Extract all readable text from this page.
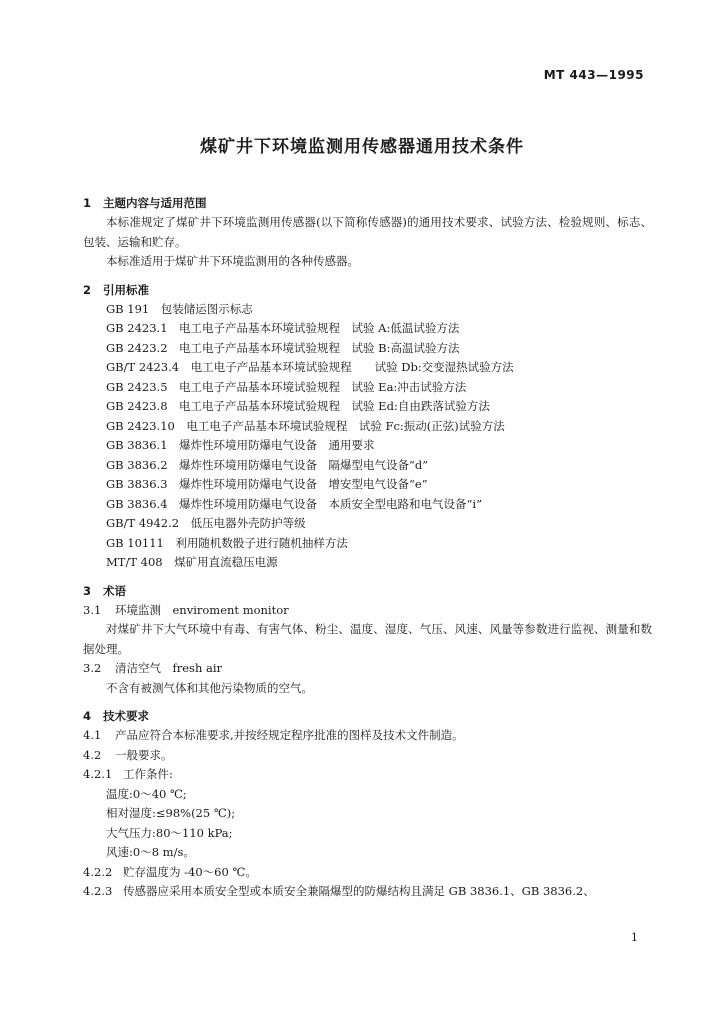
MT 443—1995
煤矿井下环境监测用传感器通用技术条件
1 主题内容与适用范围

本标准规定了煤矿井下环境监测用传感器(以下简称传感器)的通用技术要求、试验方法、检验规则、标志、包装、运输和贮存。

本标准适用于煤矿井下环境监测用的各种传感器。

2 引用标准
GB 191　包装储运图示标志
GB 2423.1　电工电子产品基本环境试验规程　试验 A:低温试验方法
GB 2423.2　电工电子产品基本环境试验规程　试验 B:高温试验方法
GB/T 2423.4　电工电子产品基本环境试验规程　　试验 Db:交变湿热试验方法
GB 2423.5　电工电子产品基本环境试验规程　试验 Ea:冲击试验方法
GB 2423.8　电工电子产品基本环境试验规程　试验 Ed:自由跌落试验方法
GB 2423.10　电工电子产品基本环境试验规程　试验 Fc:振动(正弦)试验方法
GB 3836.1　爆炸性环境用防爆电气设备　通用要求
GB 3836.2　爆炸性环境用防爆电气设备　隔爆型电气设备“d”
GB 3836.3　爆炸性环境用防爆电气设备　增安型电气设备“e”
GB 3836.4　爆炸性环境用防爆电气设备　本质安全型电路和电气设备“i”
GB/T 4942.2　低压电器外壳防护等级
GB 10111　利用随机数骰子进行随机抽样方法
MT/T 408　煤矿用直流稳压电源
3 术语
3.1 环境监测　enviroment monitor

对煤矿井下大气环境中有毒、有害气体、粉尘、温度、湿度、气压、风速、风量等参数进行监视、测量和数据处理。

3.2 清洁空气　fresh air

不含有被测气体和其他污染物质的空气。

4 技术要求
4.1 产品应符合本标准要求,并按经规定程序批准的图样及技术文件制造。
4.2 一般要求。
4.2.1 工作条件:
温度:0～40 ℃;
相对湿度:≤98%(25 ℃);
大气压力:80～110 kPa;
风速:0～8 m/s。
4.2.2 贮存温度为 -40～60 ℃。
4.2.3 传感器应采用本质安全型或本质安全兼隔爆型的防爆结构且满足 GB 3836.1、GB 3836.2、
1
